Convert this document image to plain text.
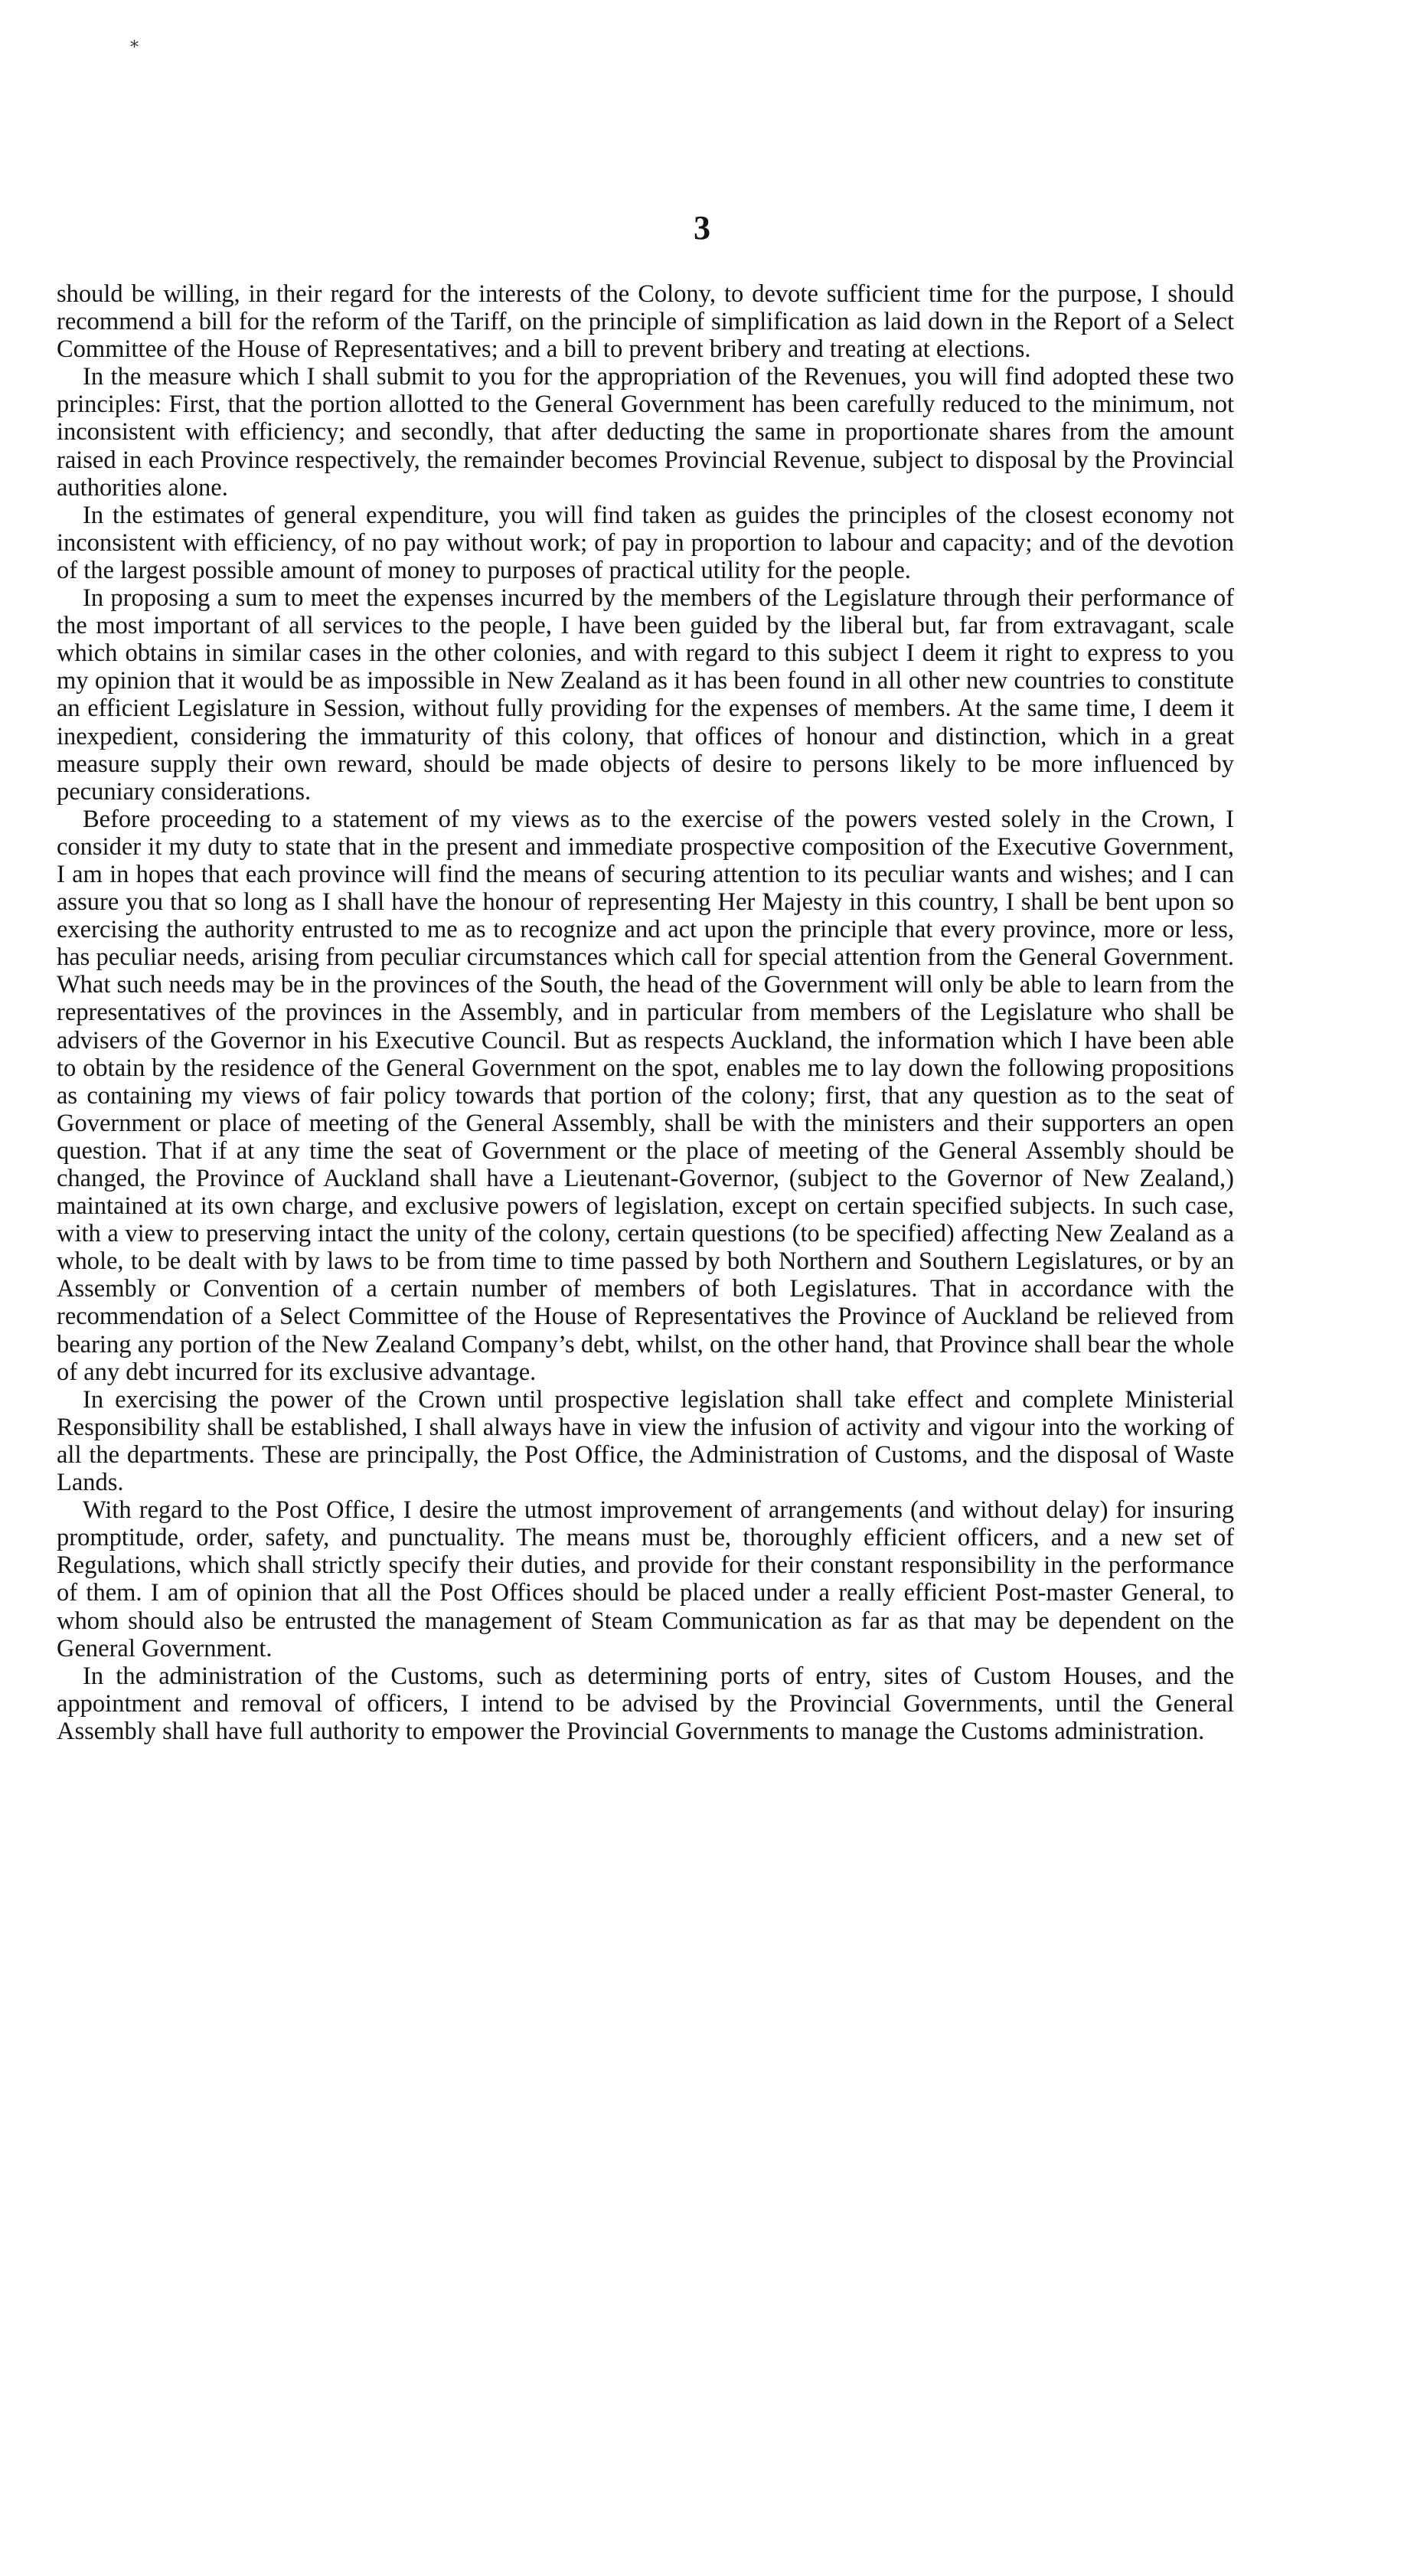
*
3

should be willing, in their regard for the interests of the Colony, to devote sufficient time for the purpose, I should recommend a bill for the reform of the Tariff, on the principle of simplification as laid down in the Report of a Select Committee of the House of Representatives; and a bill to prevent bribery and treating at elections.

In the measure which I shall submit to you for the appropriation of the Revenues, you will find adopted these two principles: First, that the portion allotted to the General Government has been carefully reduced to the minimum, not inconsistent with efficiency; and secondly, that after deducting the same in proportionate shares from the amount raised in each Province respectively, the remainder becomes Provincial Revenue, subject to disposal by the Provincial authorities alone.

In the estimates of general expenditure, you will find taken as guides the principles of the closest economy not inconsistent with efficiency, of no pay without work; of pay in proportion to labour and capacity; and of the devotion of the largest possible amount of money to purposes of practical utility for the people.

In proposing a sum to meet the expenses incurred by the members of the Legislature through their performance of the most important of all services to the people, I have been guided by the liberal but, far from extravagant, scale which obtains in similar cases in the other colonies, and with regard to this subject I deem it right to express to you my opinion that it would be as impossible in New Zealand as it has been found in all other new countries to constitute an efficient Legislature in Session, without fully providing for the expenses of members. At the same time, I deem it inexpedient, considering the immaturity of this colony, that offices of honour and distinction, which in a great measure supply their own reward, should be made objects of desire to persons likely to be more influenced by pecuniary considerations.

Before proceeding to a statement of my views as to the exercise of the powers vested solely in the Crown, I consider it my duty to state that in the present and immediate prospective composition of the Executive Government, I am in hopes that each province will find the means of securing attention to its peculiar wants and wishes; and I can assure you that so long as I shall have the honour of representing Her Majesty in this country, I shall be bent upon so exercising the authority entrusted to me as to recognize and act upon the principle that every province, more or less, has peculiar needs, arising from peculiar circumstances which call for special attention from the General Government. What such needs may be in the provinces of the South, the head of the Government will only be able to learn from the representatives of the provinces in the Assembly, and in particular from members of the Legislature who shall be advisers of the Governor in his Executive Council. But as respects Auckland, the information which I have been able to obtain by the residence of the General Government on the spot, enables me to lay down the following propositions as containing my views of fair policy towards that portion of the colony; first, that any question as to the seat of Government or place of meeting of the General Assembly, shall be with the ministers and their supporters an open question. That if at any time the seat of Government or the place of meeting of the General Assembly should be changed, the Province of Auckland shall have a Lieutenant-Governor, (subject to the Governor of New Zealand,) maintained at its own charge, and exclusive powers of legislation, except on certain specified subjects. In such case, with a view to preserving intact the unity of the colony, certain questions (to be specified) affecting New Zealand as a whole, to be dealt with by laws to be from time to time passed by both Northern and Southern Legislatures, or by an Assembly or Convention of a certain number of members of both Legislatures. That in accordance with the recommendation of a Select Committee of the House of Representatives the Province of Auckland be relieved from bearing any portion of the New Zealand Company’s debt, whilst, on the other hand, that Province shall bear the whole of any debt incurred for its exclusive advantage.

In exercising the power of the Crown until prospective legislation shall take effect and complete Ministerial Responsibility shall be established, I shall always have in view the infusion of activity and vigour into the working of all the departments. These are principally, the Post Office, the Administration of Customs, and the disposal of Waste Lands.

With regard to the Post Office, I desire the utmost improvement of arrangements (and without delay) for insuring promptitude, order, safety, and punctuality. The means must be, thoroughly efficient officers, and a new set of Regulations, which shall strictly specify their duties, and provide for their constant responsibility in the performance of them. I am of opinion that all the Post Offices should be placed under a really efficient Post-master General, to whom should also be entrusted the management of Steam Communication as far as that may be dependent on the General Government.

In the administration of the Customs, such as determining ports of entry, sites of Custom Houses, and the appointment and removal of officers, I intend to be advised by the Provincial Governments, until the General Assembly shall have full authority to empower the Provincial Governments to manage the Customs administration.
